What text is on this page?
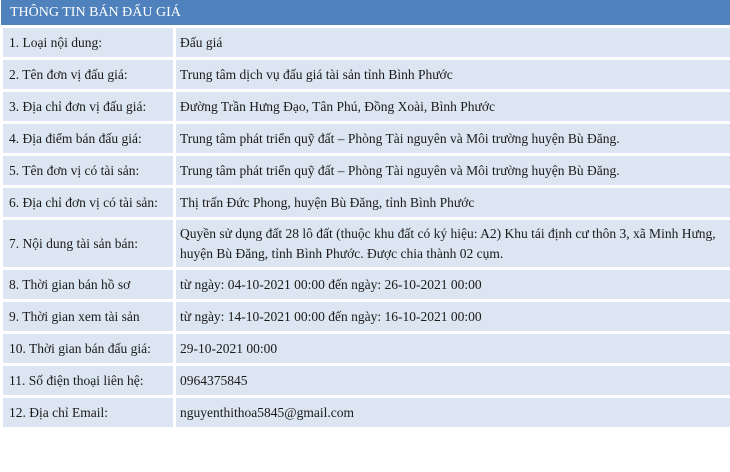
THÔNG TIN BÁN ĐẤU GIÁ	
1. Loại nội dung:	Đấu giá
2. Tên đơn vị đấu giá:	Trung tâm dịch vụ đấu giá tài sản tỉnh Bình Phước
3. Địa chỉ đơn vị đấu giá:	Đường Trần Hưng Đạo, Tân Phú, Đồng Xoài, Bình Phước
4. Địa điểm bán đấu giá:	Trung tâm phát triển quỹ đất – Phòng Tài nguyên và Môi trường huyện Bù Đăng.
5. Tên đơn vị có tài sản:	Trung tâm phát triển quỹ đất – Phòng Tài nguyên và Môi trường huyện Bù Đăng.
6. Địa chỉ đơn vị có tài sản:	Thị trấn Đức Phong, huyện Bù Đăng, tỉnh Bình Phước
7. Nội dung tài sản bán:	Quyền sử dụng đất 28 lô đất (thuộc khu đất có ký hiệu: A2) Khu tái định cư thôn 3, xã Minh Hưng, huyện Bù Đăng, tỉnh Bình Phước. Được chia thành 02 cụm.
8. Thời gian bán hồ sơ	từ ngày: 04-10-2021 00:00 đến ngày: 26-10-2021 00:00
9. Thời gian xem tài sản	từ ngày: 14-10-2021 00:00 đến ngày: 16-10-2021 00:00
10. Thời gian bán đấu giá:	29-10-2021 00:00
11. Số điện thoại liên hệ:	0964375845
12. Địa chỉ Email:	nguyenthithoa5845@gmail.com
